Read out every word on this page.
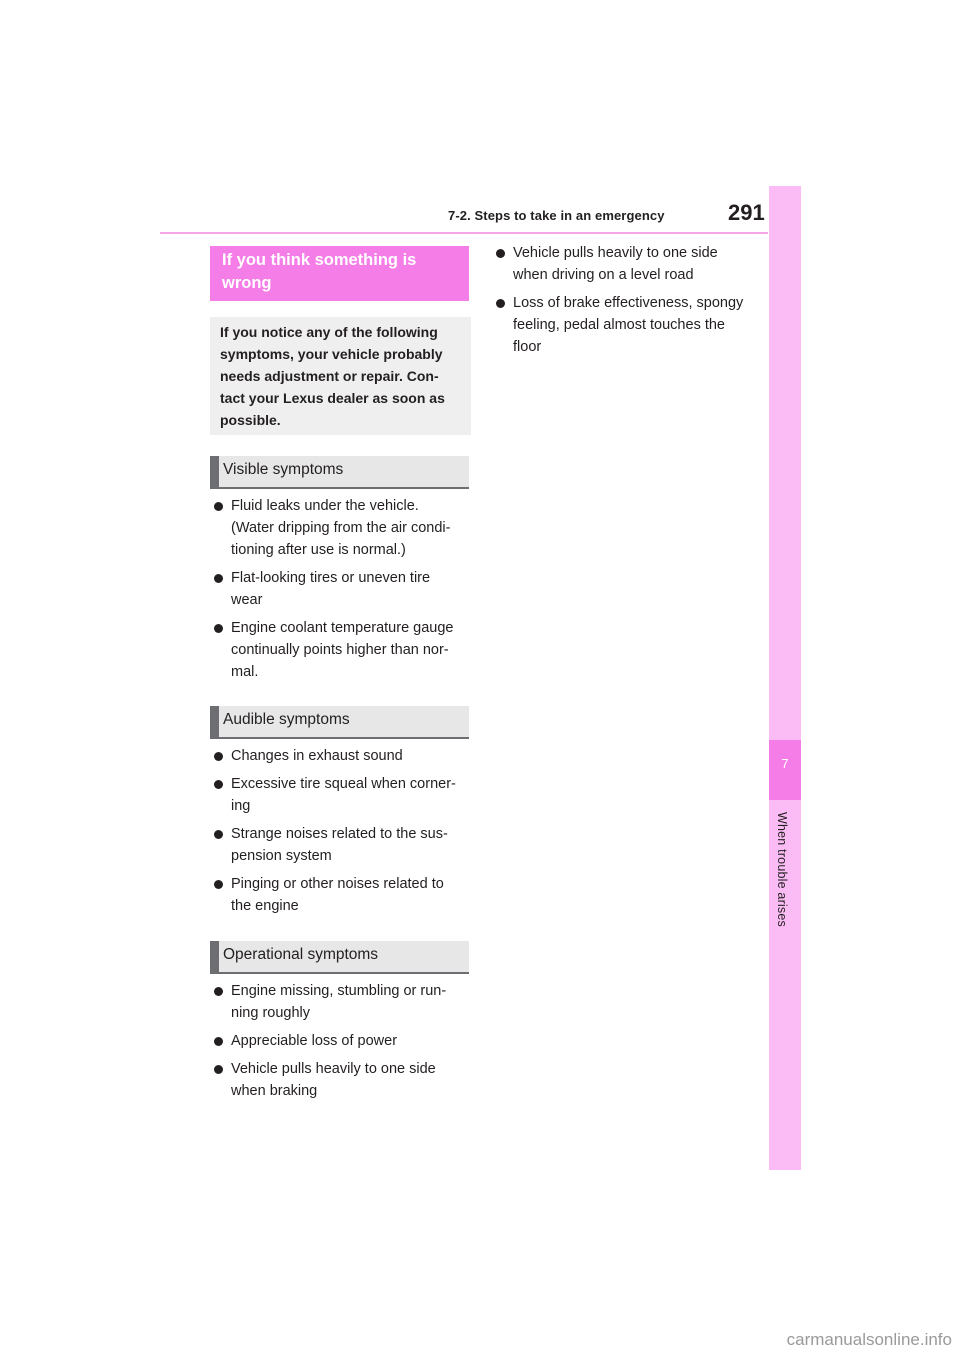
7-2. Steps to take in an emergency	291
7
When trouble arises
If you think something is wrong
If you notice any of the following symptoms, your vehicle probably needs adjustment or repair. Con-tact your Lexus dealer as soon as possible.
Visible symptoms
Fluid leaks under the vehicle. (Water dripping from the air condi-tioning after use is normal.)
Flat-looking tires or uneven tire wear
Engine coolant temperature gauge continually points higher than nor-mal.
Audible symptoms
Changes in exhaust sound
Excessive tire squeal when corner-ing
Strange noises related to the sus-pension system
Pinging or other noises related to the engine
Operational symptoms
Engine missing, stumbling or run-ning roughly
Appreciable loss of power
Vehicle pulls heavily to one side when braking
Vehicle pulls heavily to one side when driving on a level road
Loss of brake effectiveness, spongy feeling, pedal almost touches the floor
carmanualsonline.info
